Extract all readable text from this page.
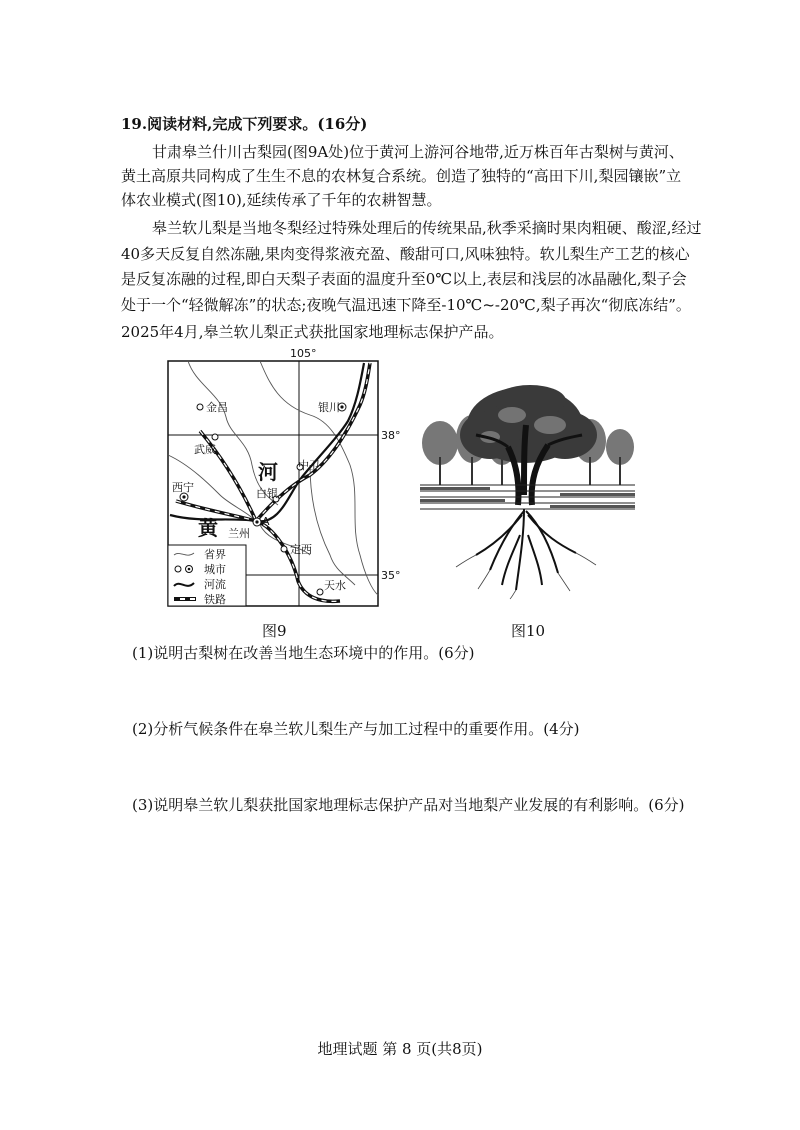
19.阅读材料,完成下列要求。(16分)
甘肃皋兰什川古梨园(图9A处)位于黄河上游河谷地带,近万株百年古梨树与黄河、
黄土高原共同构成了生生不息的农林复合系统。创造了独特的“高田下川,梨园镶嵌”立
体农业模式(图10),延续传承了千年的农耕智慧。
皋兰软儿梨是当地冬梨经过特殊处理后的传统果品,秋季采摘时果肉粗硬、酸涩,经过
40多天反复自然冻融,果肉变得浆液充盈、酸甜可口,风味独特。软儿梨生产工艺的核心
是反复冻融的过程,即白天梨子表面的温度升至0℃以上,表层和浅层的冰晶融化,梨子会
处于一个“轻微解冻”的状态;夜晚气温迅速下降至-10℃~-20℃,梨子再次“彻底冻结”。
2025年4月,皋兰软儿梨正式获批国家地理标志保护产品。
105°
38°
35°
金昌	银川
武威
中卫
西宁	白银
兰州
定西
天水
A
河
黄
省界
城市
河流
铁路
图9	图10
(1)说明古梨树在改善当地生态环境中的作用。(6分)
(2)分析气候条件在皋兰软儿梨生产与加工过程中的重要作用。(4分)
(3)说明皋兰软儿梨获批国家地理标志保护产品对当地梨产业发展的有利影响。(6分)
地理试题 第 8 页(共8页)
